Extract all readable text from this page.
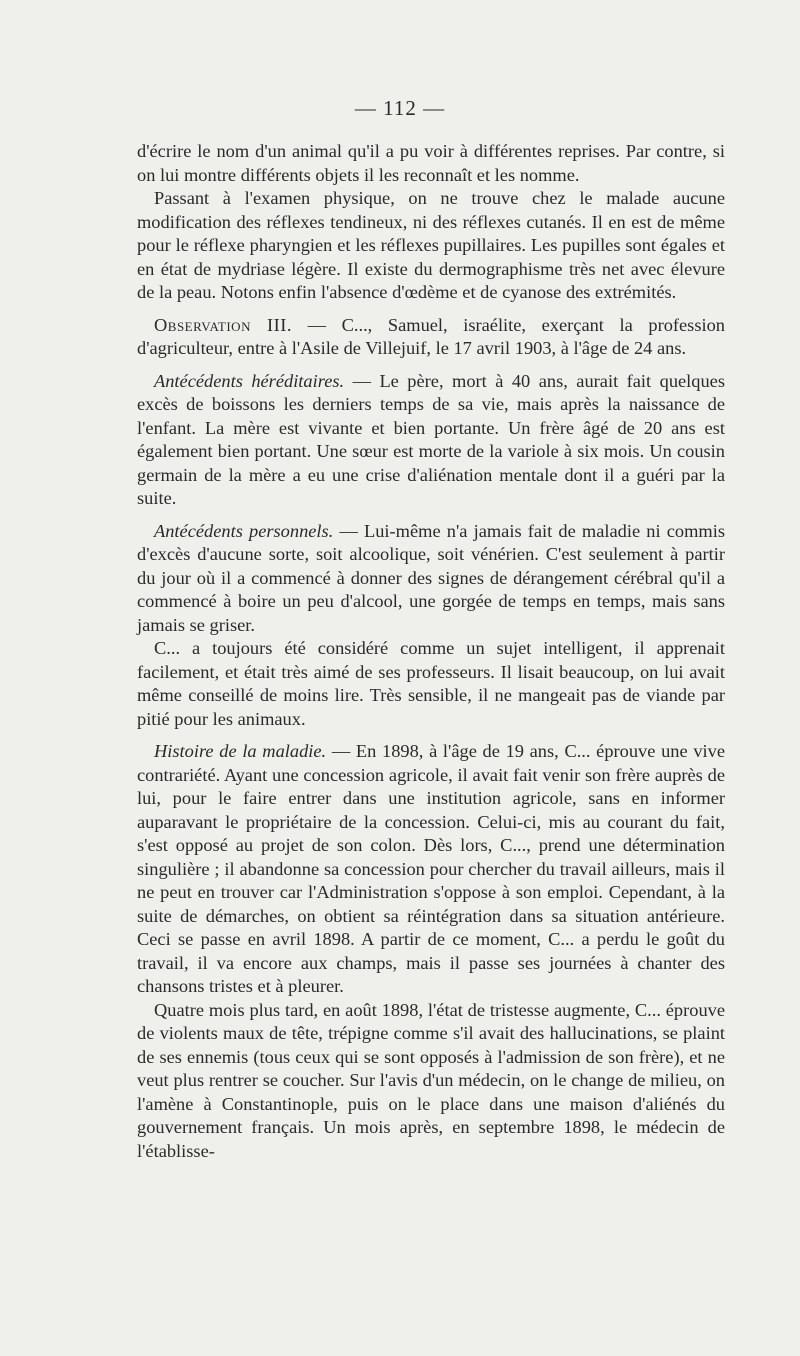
— 112 —

d'écrire le nom d'un animal qu'il a pu voir à différentes reprises. Par contre, si on lui montre différents objets il les reconnaît et les nomme.

Passant à l'examen physique, on ne trouve chez le malade aucune modification des réflexes tendineux, ni des réflexes cutanés. Il en est de même pour le réflexe pharyngien et les réflexes pupillaires. Les pupilles sont égales et en état de mydriase légère. Il existe du dermographisme très net avec élevure de la peau. Notons enfin l'absence d'œdème et de cyanose des extrémités.

Observation III. — C..., Samuel, israélite, exerçant la profession d'agriculteur, entre à l'Asile de Villejuif, le 17 avril 1903, à l'âge de 24 ans.

Antécédents héréditaires. — Le père, mort à 40 ans, aurait fait quelques excès de boissons les derniers temps de sa vie, mais après la naissance de l'enfant. La mère est vivante et bien portante. Un frère âgé de 20 ans est également bien portant. Une sœur est morte de la variole à six mois. Un cousin germain de la mère a eu une crise d'aliénation mentale dont il a guéri par la suite.

Antécédents personnels. — Lui-même n'a jamais fait de maladie ni commis d'excès d'aucune sorte, soit alcoolique, soit vénérien. C'est seulement à partir du jour où il a commencé à donner des signes de dérangement cérébral qu'il a commencé à boire un peu d'alcool, une gorgée de temps en temps, mais sans jamais se griser.

C... a toujours été considéré comme un sujet intelligent, il apprenait facilement, et était très aimé de ses professeurs. Il lisait beaucoup, on lui avait même conseillé de moins lire. Très sensible, il ne mangeait pas de viande par pitié pour les animaux.

Histoire de la maladie. — En 1898, à l'âge de 19 ans, C... éprouve une vive contrariété. Ayant une concession agricole, il avait fait venir son frère auprès de lui, pour le faire entrer dans une institution agricole, sans en informer auparavant le propriétaire de la concession. Celui-ci, mis au courant du fait, s'est opposé au projet de son colon. Dès lors, C..., prend une détermination singulière ; il abandonne sa concession pour chercher du travail ailleurs, mais il ne peut en trouver car l'Administration s'oppose à son emploi. Cependant, à la suite de démarches, on obtient sa réintégration dans sa situation antérieure. Ceci se passe en avril 1898. A partir de ce moment, C... a perdu le goût du travail, il va encore aux champs, mais il passe ses journées à chanter des chansons tristes et à pleurer.

Quatre mois plus tard, en août 1898, l'état de tristesse augmente, C... éprouve de violents maux de tête, trépigne comme s'il avait des hallucinations, se plaint de ses ennemis (tous ceux qui se sont opposés à l'admission de son frère), et ne veut plus rentrer se coucher. Sur l'avis d'un médecin, on le change de milieu, on l'amène à Constantinople, puis on le place dans une maison d'aliénés du gouvernement français. Un mois après, en septembre 1898, le médecin de l'établisse-
